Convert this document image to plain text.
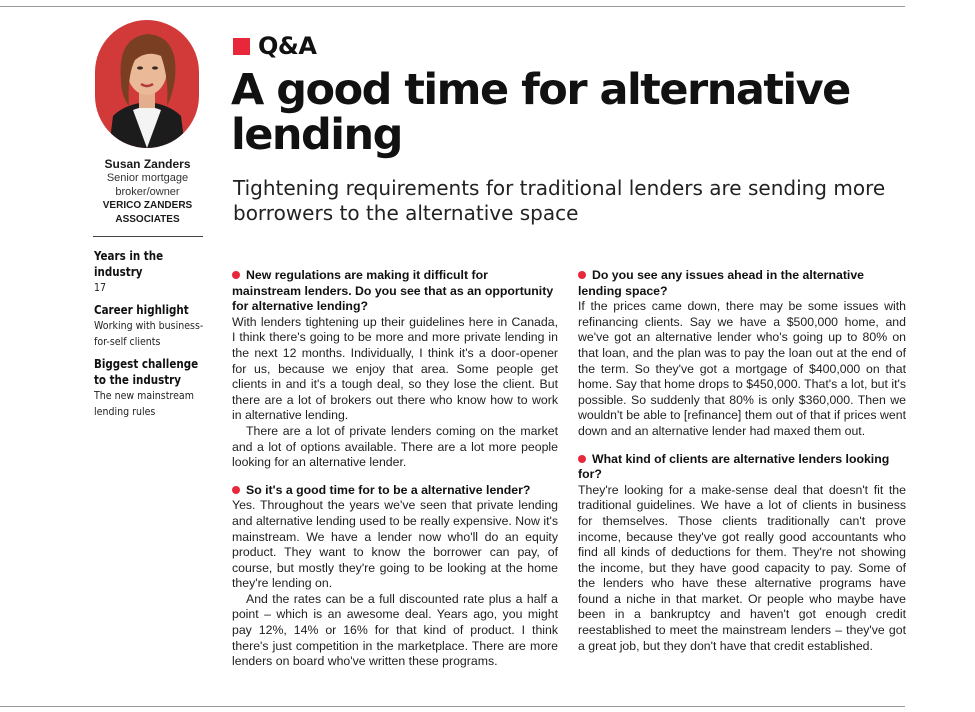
Susan Zanders
Senior mortgage broker/owner
VERICO ZANDERS ASSOCIATES
Years in the industry
17
Career highlight
Working with business-for-self clients
Biggest challenge to the industry
The new mainstream lending rules
Q&A
A good time for alternative lending

Tightening requirements for traditional lenders are sending more borrowers to the alternative space

New regulations are making it difficult for mainstream lenders. Do you see that as an opportunity for alternative lending?

With lenders tightening up their guidelines here in Canada, I think there's going to be more and more private lending in the next 12 months. Individually, I think it's a door-opener for us, because we enjoy that area. Some people get clients in and it's a tough deal, so they lose the client. But there are a lot of brokers out there who know how to work in alternative lending.

There are a lot of private lenders coming on the market and a lot of options available. There are a lot more people looking for an alternative lender.

So it's a good time for to be a alternative lender?

Yes. Throughout the years we've seen that private lending and alternative lending used to be really expensive. Now it's mainstream. We have a lender now who'll do an equity product. They want to know the borrower can pay, of course, but mostly they're going to be looking at the home they're lending on.

And the rates can be a full discounted rate plus a half a point – which is an awesome deal. Years ago, you might pay 12%, 14% or 16% for that kind of product. I think there's just competition in the marketplace. There are more lenders on board who've written these programs.

Do you see any issues ahead in the alternative lending space?

If the prices came down, there may be some issues with refinancing clients. Say we have a $500,000 home, and we've got an alternative lender who's going up to 80% on that loan, and the plan was to pay the loan out at the end of the term. So they've got a mortgage of $400,000 on that home. Say that home drops to $450,000. That's a lot, but it's possible. So suddenly that 80% is only $360,000. Then we wouldn't be able to [refinance] them out of that if prices went down and an alternative lender had maxed them out.

What kind of clients are alternative lenders looking for?

They're looking for a make-sense deal that doesn't fit the traditional guidelines. We have a lot of clients in business for themselves. Those clients traditionally can't prove income, because they've got really good accountants who find all kinds of deductions for them. They're not showing the income, but they have good capacity to pay. Some of the lenders who have these alternative programs have found a niche in that market. Or people who maybe have been in a bankruptcy and haven't got enough credit reestablished to meet the mainstream lenders – they've got a great job, but they don't have that credit established.
